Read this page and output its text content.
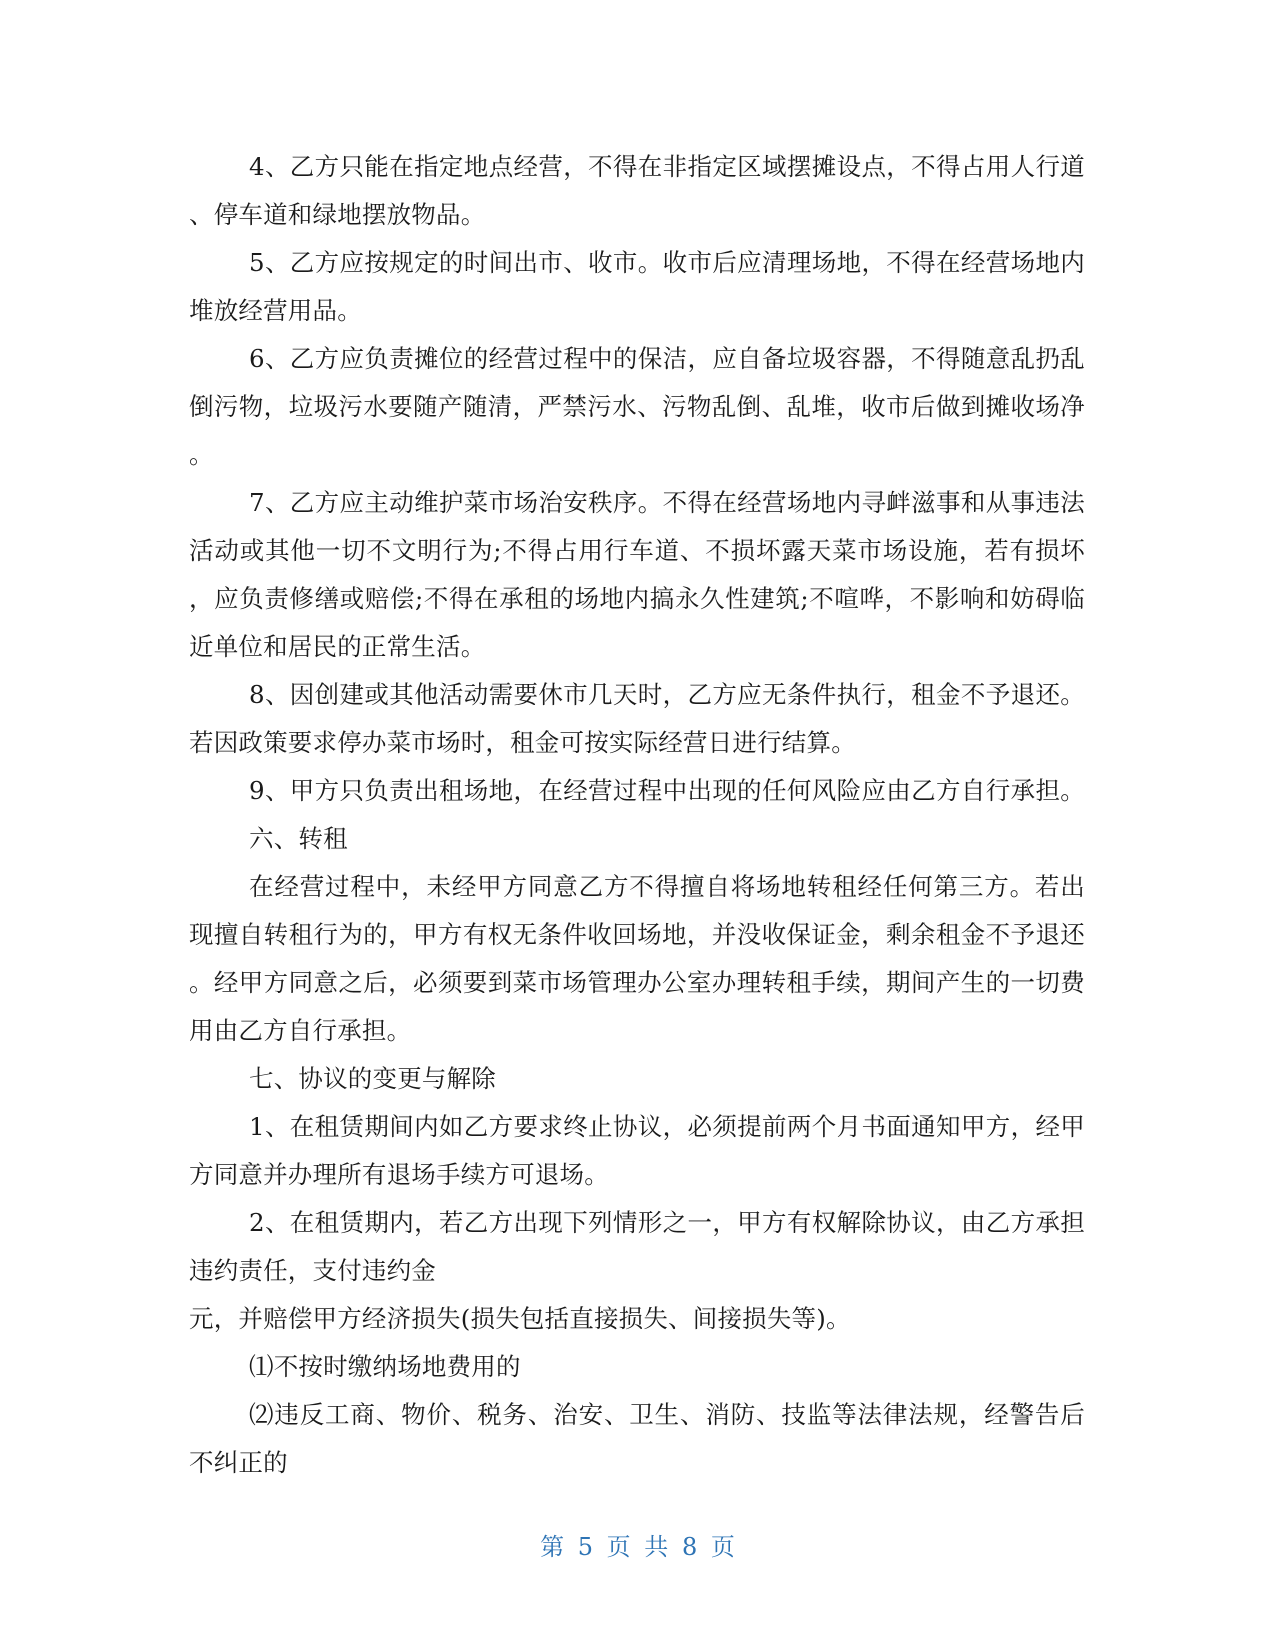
4、乙方只能在指定地点经营，不得在非指定区域摆摊设点，不得占用人行道
、停车道和绿地摆放物品。
5、乙方应按规定的时间出市、收市。收市后应清理场地，不得在经营场地内
堆放经营用品。
6、乙方应负责摊位的经营过程中的保洁，应自备垃圾容器，不得随意乱扔乱
倒污物，垃圾污水要随产随清，严禁污水、污物乱倒、乱堆，收市后做到摊收场净
。
7、乙方应主动维护菜市场治安秩序。不得在经营场地内寻衅滋事和从事违法
活动或其他一切不文明行为;不得占用行车道、不损坏露天菜市场设施，若有损坏
，应负责修缮或赔偿;不得在承租的场地内搞永久性建筑;不喧哗，不影响和妨碍临
近单位和居民的正常生活。
8、因创建或其他活动需要休市几天时，乙方应无条件执行，租金不予退还。
若因政策要求停办菜市场时，租金可按实际经营日进行结算。
9、甲方只负责出租场地，在经营过程中出现的任何风险应由乙方自行承担。
六、转租
在经营过程中，未经甲方同意乙方不得擅自将场地转租经任何第三方。若出
现擅自转租行为的，甲方有权无条件收回场地，并没收保证金，剩余租金不予退还
。经甲方同意之后，必须要到菜市场管理办公室办理转租手续，期间产生的一切费
用由乙方自行承担。
七、协议的变更与解除
1、在租赁期间内如乙方要求终止协议，必须提前两个月书面通知甲方，经甲
方同意并办理所有退场手续方可退场。
2、在租赁期内，若乙方出现下列情形之一，甲方有权解除协议，由乙方承担
违约责任，支付违约金
元，并赔偿甲方经济损失(损失包括直接损失、间接损失等)。
⑴不按时缴纳场地费用的
⑵违反工商、物价、税务、治安、卫生、消防、技监等法律法规，经警告后
不纠正的
第 5 页 共 8 页
